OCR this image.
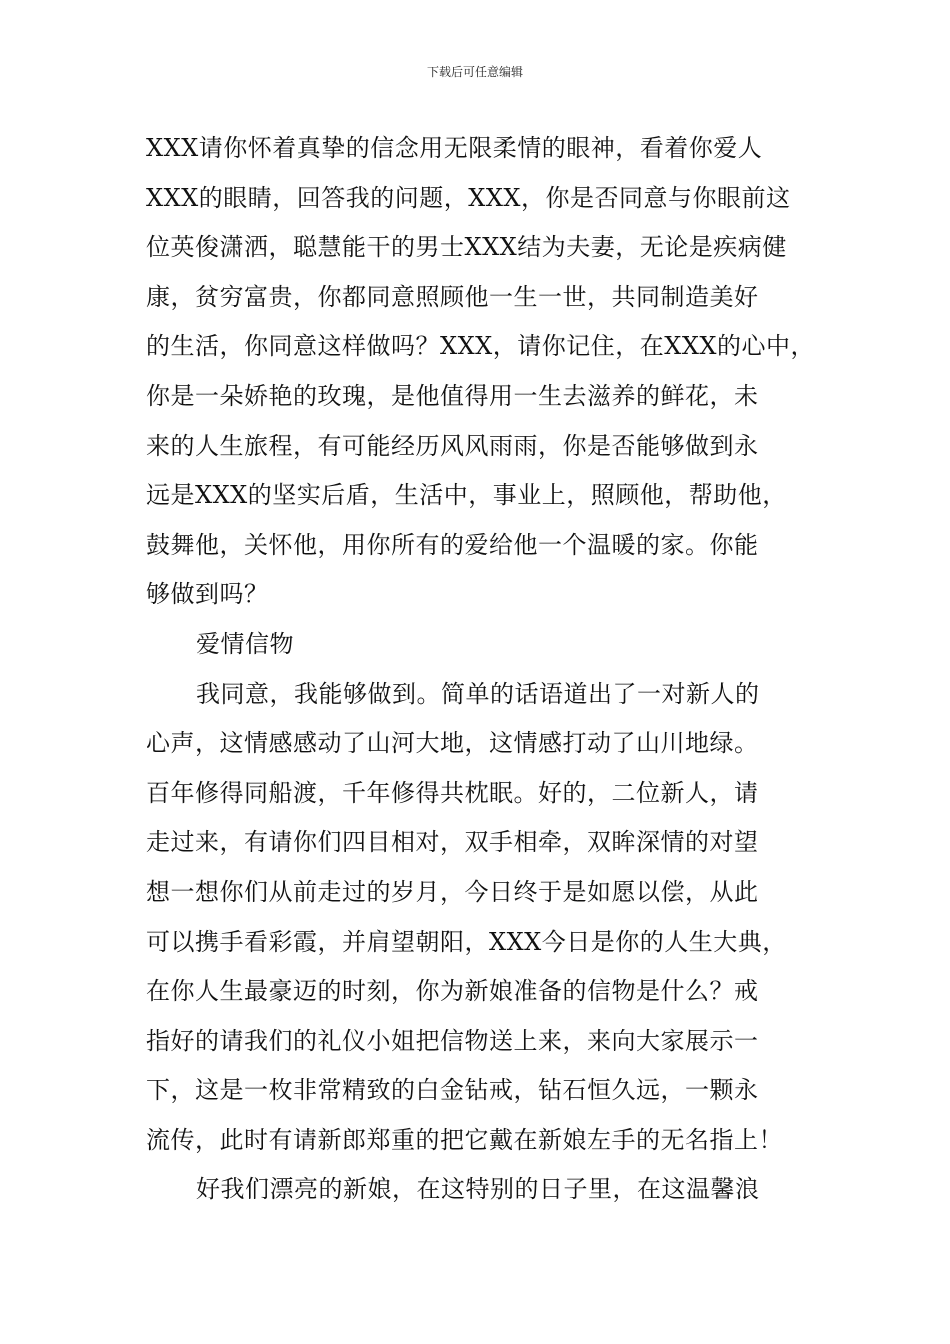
下载后可任意编辑
XXX请你怀着真挚的信念用无限柔情的眼神，看着你爱人
XXX的眼睛，回答我的问题，XXX，你是否同意与你眼前这
位英俊潇洒，聪慧能干的男士XXX结为夫妻，无论是疾病健
康，贫穷富贵，你都同意照顾他一生一世，共同制造美好
的生活，你同意这样做吗？XXX，请你记住，在XXX的心中，
你是一朵娇艳的玫瑰，是他值得用一生去滋养的鲜花，未
来的人生旅程，有可能经历风风雨雨，你是否能够做到永
远是XXX的坚实后盾，生活中，事业上，照顾他，帮助他，
鼓舞他，关怀他，用你所有的爱给他一个温暖的家。你能
够做到吗？
爱情信物
我同意，我能够做到。简单的话语道出了一对新人的
心声，这情感感动了山河大地，这情感打动了山川地绿。
百年修得同船渡，千年修得共枕眠。好的，二位新人，请
走过来，有请你们四目相对，双手相牵，双眸深情的对望
想一想你们从前走过的岁月，今日终于是如愿以偿，从此
可以携手看彩霞，并肩望朝阳，XXX今日是你的人生大典，
在你人生最豪迈的时刻，你为新娘准备的信物是什么？戒
指好的请我们的礼仪小姐把信物送上来，来向大家展示一
下，这是一枚非常精致的白金钻戒，钻石恒久远，一颗永
流传，此时有请新郎郑重的把它戴在新娘左手的无名指上！
好我们漂亮的新娘，在这特别的日子里，在这温馨浪
